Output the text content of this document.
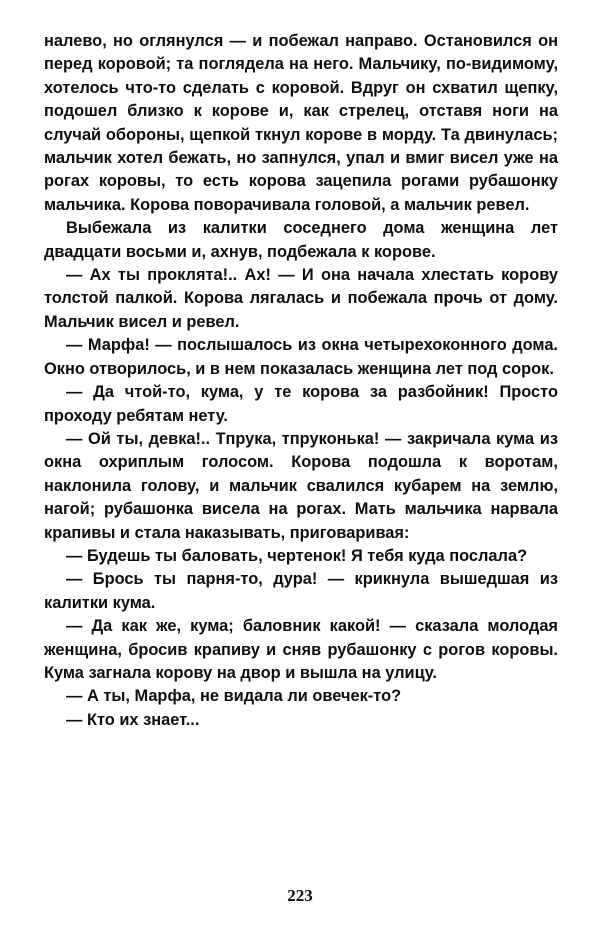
налево, но оглянулся — и побежал направо. Остановился он перед коровой; та поглядела на него. Мальчику, по-видимому, хотелось что-то сделать с коровой. Вдруг он схватил щепку, подошел близко к корове и, как стрелец, отставя ноги на случай обороны, щепкой ткнул корове в морду. Та двинулась; мальчик хотел бежать, но запнулся, упал и вмиг висел уже на рогах коровы, то есть корова зацепила рогами рубашонку мальчика. Корова поворачивала головой, а мальчик ревел.

Выбежала из калитки соседнего дома женщина лет двадцати восьми и, ахнув, подбежала к корове.

— Ах ты проклята!.. Ах! — И она начала хлестать корову толстой палкой. Корова лягалась и побежала прочь от дому. Мальчик висел и ревел.

— Марфа! — послышалось из окна четырехоконного дома. Окно отворилось, и в нем показалась женщина лет под сорок.

— Да чтой-то, кума, у те корова за разбойник! Просто проходу ребятам нету.

— Ой ты, девка!.. Тпрука, тпруконька! — закричала кума из окна охриплым голосом. Корова подошла к воротам, наклонила голову, и мальчик свалился кубарем на землю, нагой; рубашонка висела на рогах. Мать мальчика нарвала крапивы и стала наказывать, приговаривая:

— Будешь ты баловать, чертенок! Я тебя куда послала?

— Брось ты парня-то, дура! — крикнула вышедшая из калитки кума.

— Да как же, кума; баловник какой! — сказала молодая женщина, бросив крапиву и сняв рубашонку с рогов коровы. Кума загнала корову на двор и вышла на улицу.

— А ты, Марфа, не видала ли овечек-то?

— Кто их знает...

223
